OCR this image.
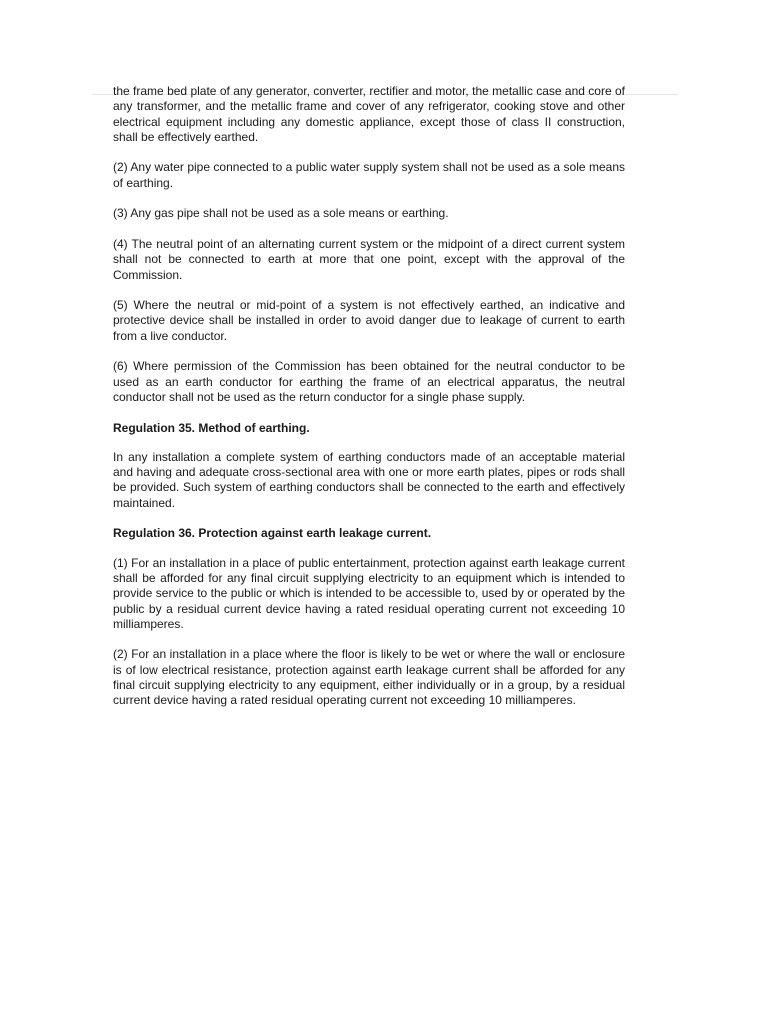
the frame bed plate of any generator, converter, rectifier and motor, the metallic case and core of any transformer, and the metallic frame and cover of any refrigerator, cooking stove and other electrical equipment including any domestic appliance, except those of class II construction, shall be effectively earthed.

(2) Any water pipe connected to a public water supply system shall not be used as a sole means of earthing.

(3) Any gas pipe shall not be used as a sole means or earthing.

(4) The neutral point of an alternating current system or the midpoint of a direct current system shall not be connected to earth at more that one point, except with the approval of the Commission.

(5) Where the neutral or mid-point of a system is not effectively earthed, an indicative and protective device shall be installed in order to avoid danger due to leakage of current to earth from a live conductor.

(6) Where permission of the Commission has been obtained for the neutral conductor to be used as an earth conductor for earthing the frame of an electrical apparatus, the neutral conductor shall not be used as the return conductor for a single phase supply.

Regulation 35. Method of earthing.

In any installation a complete system of earthing conductors made of an acceptable material and having and adequate cross-sectional area with one or more earth plates, pipes or rods shall be provided. Such system of earthing conductors shall be connected to the earth and effectively maintained.

Regulation 36. Protection against earth leakage current.

(1) For an installation in a place of public entertainment, protection against earth leakage current shall be afforded for any final circuit supplying electricity to an equipment which is intended to provide service to the public or which is intended to be accessible to, used by or operated by the public by a residual current device having a rated residual operating current not exceeding 10 milliamperes.

(2) For an installation in a place where the floor is likely to be wet or where the wall or enclosure is of low electrical resistance, protection against earth leakage current shall be afforded for any final circuit supplying electricity to any equipment, either individually or in a group, by a residual current device having a rated residual operating current not exceeding 10 milliamperes.
